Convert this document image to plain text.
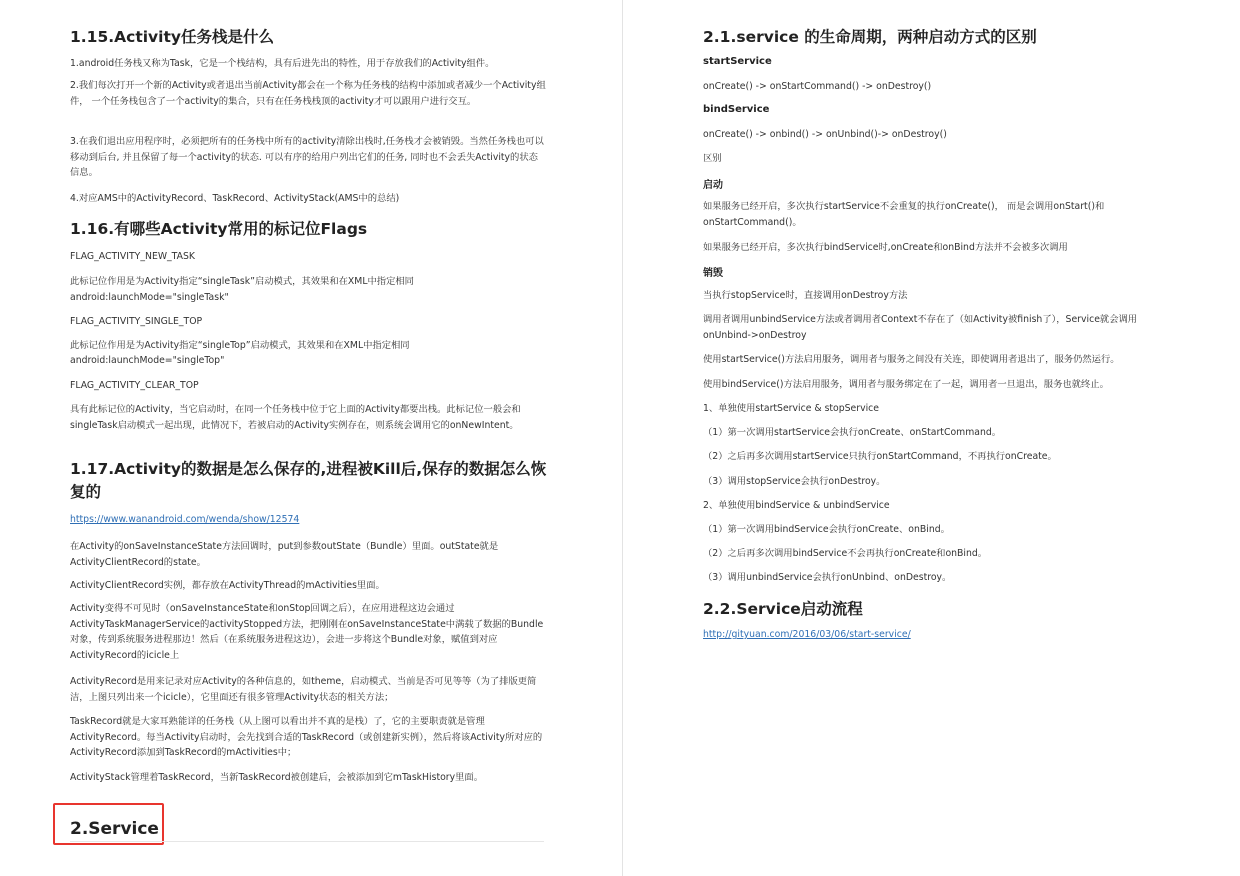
1.15.Activity任务栈是什么
1.android任务栈又称为Task，它是一个栈结构，具有后进先出的特性，用于存放我们的Activity组件。
2.我们每次打开一个新的Activity或者退出当前Activity都会在一个称为任务栈的结构中添加或者减少一个Activity组件， 一个任务栈包含了一个activity的集合，只有在任务栈栈顶的activity才可以跟用户进行交互。
3.在我们退出应用程序时，必须把所有的任务栈中所有的activity清除出栈时,任务栈才会被销毁。当然任务栈也可以移动到后台, 并且保留了每一个activity的状态. 可以有序的给用户列出它们的任务, 同时也不会丢失Activity的状态信息。
4.对应AMS中的ActivityRecord、TaskRecord、ActivityStack(AMS中的总结)
1.16.有哪些Activity常用的标记位Flags
FLAG_ACTIVITY_NEW_TASK
此标记位作用是为Activity指定“singleTask”启动模式，其效果和在XML中指定相同
android:launchMode="singleTask"
FLAG_ACTIVITY_SINGLE_TOP
此标记位作用是为Activity指定“singleTop”启动模式，其效果和在XML中指定相同
android:launchMode="singleTop"
FLAG_ACTIVITY_CLEAR_TOP
具有此标记位的Activity，当它启动时，在同一个任务栈中位于它上面的Activity都要出栈。此标记位一般会和singleTask启动模式一起出现，此情况下，若被启动的Activity实例存在，则系统会调用它的onNewIntent。
1.17.Activity的数据是怎么保存的,进程被Kill后,保存的数据怎么恢复的
https://www.wanandroid.com/wenda/show/12574
在Activity的onSaveInstanceState方法回调时，put到参数outState（Bundle）里面。outState就是ActivityClientRecord的state。
ActivityClientRecord实例，都存放在ActivityThread的mActivities里面。
Activity变得不可见时（onSaveInstanceState和onStop回调之后），在应用进程这边会通过ActivityTaskManagerService的activityStopped方法，把刚刚在onSaveInstanceState中满载了数据的Bundle对象，传到系统服务进程那边！然后（在系统服务进程这边），会进一步将这个Bundle对象，赋值到对应ActivityRecord的icicle上
ActivityRecord是用来记录对应Activity的各种信息的，如theme，启动模式、当前是否可见等等（为了排版更简洁，上图只列出来一个icicle），它里面还有很多管理Activity状态的相关方法；
TaskRecord就是大家耳熟能详的任务栈（从上图可以看出并不真的是栈）了，它的主要职责就是管理ActivityRecord。每当Activity启动时，会先找到合适的TaskRecord（或创建新实例），然后将该Activity所对应的ActivityRecord添加到TaskRecord的mActivities中；
ActivityStack管理着TaskRecord，当新TaskRecord被创建后，会被添加到它mTaskHistory里面。
2.Service
2.1.service 的生命周期，两种启动方式的区别
startService
onCreate() -> onStartCommand() -> onDestroy()
bindService
onCreate() -> onbind() -> onUnbind()-> onDestroy()
区别
启动
如果服务已经开启，多次执行startService不会重复的执行onCreate()， 而是会调用onStart()和onStartCommand()。
如果服务已经开启，多次执行bindService时,onCreate和onBind方法并不会被多次调用
销毁
当执行stopService时，直接调用onDestroy方法
调用者调用unbindService方法或者调用者Context不存在了（如Activity被finish了），Service就会调用onUnbind->onDestroy
使用startService()方法启用服务，调用者与服务之间没有关连，即使调用者退出了，服务仍然运行。
使用bindService()方法启用服务，调用者与服务绑定在了一起，调用者一旦退出，服务也就终止。
1、单独使用startService & stopService
（1）第一次调用startService会执行onCreate、onStartCommand。
（2）之后再多次调用startService只执行onStartCommand，不再执行onCreate。
（3）调用stopService会执行onDestroy。
2、单独使用bindService & unbindService
（1）第一次调用bindService会执行onCreate、onBind。
（2）之后再多次调用bindService不会再执行onCreate和onBind。
（3）调用unbindService会执行onUnbind、onDestroy。
2.2.Service启动流程
http://gityuan.com/2016/03/06/start-service/
